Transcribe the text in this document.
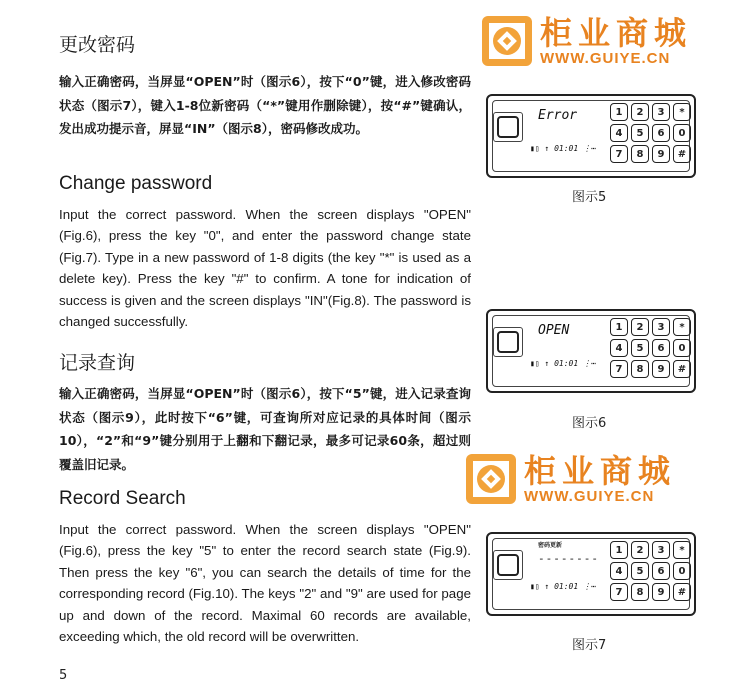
柜业商城
WWW.GUIYE.CN
柜业商城
WWW.GUIYE.CN
更改密码
输入正确密码，当屏显“OPEN”时（图示6），按下“0”键，进入修改密码状态（图示7），键入1-8位新密码（“*”键用作删除键），按“#”键确认，发出成功提示音，屏显“IN”（图示8），密码修改成功。
Change password
Input the correct password. When the screen displays "OPEN" (Fig.6), press the key "0", and enter the password change state (Fig.7). Type in a new password of 1-8 digits (the key "*" is used as a delete key). Press the key "#" to confirm. A tone for indication of success is given and the screen displays "IN"(Fig.8). The password is changed successfully.
记录查询
输入正确密码，当屏显“OPEN”时（图示6），按下“5”键，进入记录查询状态（图示9），此时按下“6”键，可查询所对应记录的具体时间（图示10），“2”和“9”键分别用于上翻和下翻记录，最多可记录60条，超过则覆盖旧记录。
Record Search
Input the correct password. When the screen displays "OPEN" (Fig.6), press the key "5" to enter the record search state (Fig.9). Then press the key "6", you can search the details of time for the corresponding record (Fig.10). The keys "2" and "9" are used for page up and down of the record. Maximal 60 records are available, exceeding which, the old record will be overwritten.
5
Error
▮▯ ↑ 01:01 ⋮⋯
1	2	3	*
4	5	6	0
7	8	9	#
图示5
OPEN
▮▯ ↑ 01:01 ⋮⋯
1	2	3	*
4	5	6	0
7	8	9	#
图示6
密码更新
--------
▮▯ ↑ 01:01 ⋮⋯
1	2	3	*
4	5	6	0
7	8	9	#
图示7
